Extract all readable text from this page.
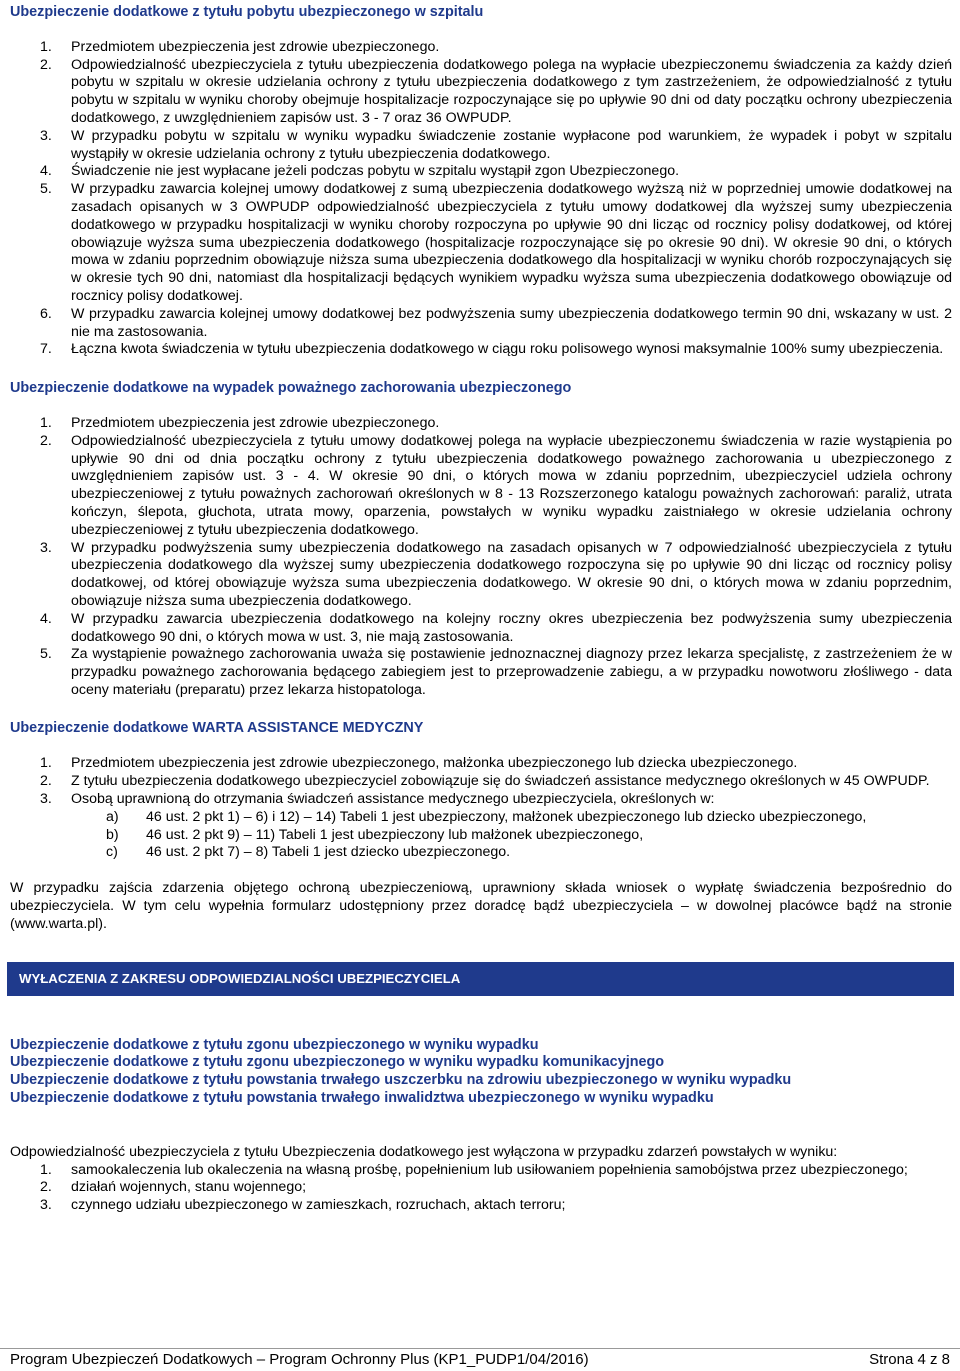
Ubezpieczenie dodatkowe z tytułu pobytu ubezpieczonego w szpitalu
1. Przedmiotem ubezpieczenia jest zdrowie ubezpieczonego.
2. Odpowiedzialność ubezpieczyciela z tytułu ubezpieczenia dodatkowego polega na wypłacie ubezpieczonemu świadczenia za każdy dzień pobytu w szpitalu w okresie udzielania ochrony z tytułu ubezpieczenia dodatkowego z tym zastrzeżeniem, że odpowiedzialność z tytułu pobytu w szpitalu w wyniku choroby obejmuje hospitalizacje rozpoczynające się po upływie 90 dni od daty początku ochrony ubezpieczenia dodatkowego, z uwzględnieniem zapisów ust. 3 - 7 oraz 36 OWPUDP.
3. W przypadku pobytu w szpitalu w wyniku wypadku świadczenie zostanie wypłacone pod warunkiem, że wypadek i pobyt w szpitalu wystąpiły w okresie udzielania ochrony z tytułu ubezpieczenia dodatkowego.
4. Świadczenie nie jest wypłacane jeżeli podczas pobytu w szpitalu wystąpił zgon Ubezpieczonego.
5. W przypadku zawarcia kolejnej umowy dodatkowej z sumą ubezpieczenia dodatkowego wyższą niż w poprzedniej umowie dodatkowej na zasadach opisanych w 3 OWPUDP odpowiedzialność ubezpieczyciela z tytułu umowy dodatkowej dla wyższej sumy ubezpieczenia dodatkowego w przypadku hospitalizacji w wyniku choroby rozpoczyna po upływie 90 dni licząc od rocznicy polisy dodatkowej, od której obowiązuje wyższa suma ubezpieczenia dodatkowego (hospitalizacje rozpoczynające się po okresie 90 dni). W okresie 90 dni, o których mowa w zdaniu poprzednim obowiązuje niższa suma ubezpieczenia dodatkowego dla hospitalizacji w wyniku chorób rozpoczynających się w okresie tych 90 dni, natomiast dla hospitalizacji będących wynikiem wypadku wyższa suma ubezpieczenia dodatkowego obowiązuje od rocznicy polisy dodatkowej.
6. W przypadku zawarcia kolejnej umowy dodatkowej bez podwyższenia sumy ubezpieczenia dodatkowego termin 90 dni, wskazany w ust. 2 nie ma zastosowania.
7. Łączna kwota świadczenia w tytułu ubezpieczenia dodatkowego w ciągu roku polisowego wynosi maksymalnie 100% sumy ubezpieczenia.
Ubezpieczenie dodatkowe na wypadek poważnego zachorowania ubezpieczonego
1. Przedmiotem ubezpieczenia jest zdrowie ubezpieczonego.
2. Odpowiedzialność ubezpieczyciela z tytułu umowy dodatkowej polega na wypłacie ubezpieczonemu świadczenia w razie wystąpienia po upływie 90 dni od dnia początku ochrony z tytułu ubezpieczenia dodatkowego poważnego zachorowania u ubezpieczonego z uwzględnieniem zapisów ust. 3 - 4. W okresie 90 dni, o których mowa w zdaniu poprzednim, ubezpieczyciel udziela ochrony ubezpieczeniowej z tytułu poważnych zachorowań określonych w 8 - 13 Rozszerzonego katalogu poważnych zachorowań: paraliż, utrata kończyn, ślepota, głuchota, utrata mowy, oparzenia, powstałych w wyniku wypadku zaistniałego w okresie udzielania ochrony ubezpieczeniowej z tytułu ubezpieczenia dodatkowego.
3. W przypadku podwyższenia sumy ubezpieczenia dodatkowego na zasadach opisanych w 7 odpowiedzialność ubezpieczyciela z tytułu ubezpieczenia dodatkowego dla wyższej sumy ubezpieczenia dodatkowego rozpoczyna się po upływie 90 dni licząc od rocznicy polisy dodatkowej, od której obowiązuje wyższa suma ubezpieczenia dodatkowego. W okresie 90 dni, o których mowa w zdaniu poprzednim, obowiązuje niższa suma ubezpieczenia dodatkowego.
4. W przypadku zawarcia ubezpieczenia dodatkowego na kolejny roczny okres ubezpieczenia bez podwyższenia sumy ubezpieczenia dodatkowego 90 dni, o których mowa w ust. 3, nie mają zastosowania.
5. Za wystąpienie poważnego zachorowania uważa się postawienie jednoznacznej diagnozy przez lekarza specjalistę, z zastrzeżeniem że w przypadku poważnego zachorowania będącego zabiegiem jest to przeprowadzenie zabiegu, a w przypadku nowotworu złośliwego - data oceny materiału (preparatu) przez lekarza histopatologa.
Ubezpieczenie dodatkowe WARTA ASSISTANCE MEDYCZNY
1. Przedmiotem ubezpieczenia jest zdrowie ubezpieczonego, małżonka ubezpieczonego lub dziecka ubezpieczonego.
2. Z tytułu ubezpieczenia dodatkowego ubezpieczyciel zobowiązuje się do świadczeń assistance medycznego określonych w 45 OWPUDP.
3. Osobą uprawnioną do otrzymania świadczeń assistance medycznego ubezpieczyciela, określonych w:
a) 46 ust. 2 pkt 1) – 6) i 12) – 14) Tabeli 1 jest ubezpieczony, małżonek ubezpieczonego lub dziecko ubezpieczonego,
b) 46 ust. 2 pkt 9) – 11) Tabeli 1 jest ubezpieczony lub małżonek ubezpieczonego,
c) 46 ust. 2 pkt 7) – 8) Tabeli 1 jest dziecko ubezpieczonego.

W przypadku zajścia zdarzenia objętego ochroną ubezpieczeniową, uprawniony składa wniosek o wypłatę świadczenia bezpośrednio do ubezpieczyciela. W tym celu wypełnia formularz udostępniony przez doradcę bądź ubezpieczyciela – w dowolnej placówce bądź na stronie (www.warta.pl).

WYŁACZENIA Z ZAKRESU ODPOWIEDZIALNOŚCI UBEZPIECZYCIELA
Ubezpieczenie dodatkowe z tytułu zgonu ubezpieczonego w wyniku wypadku
Ubezpieczenie dodatkowe z tytułu zgonu ubezpieczonego w wyniku wypadku komunikacyjnego
Ubezpieczenie dodatkowe z tytułu powstania trwałego uszczerbku na zdrowiu ubezpieczonego w wyniku wypadku
Ubezpieczenie dodatkowe z tytułu powstania trwałego inwalidztwa ubezpieczonego w wyniku wypadku

Odpowiedzialność ubezpieczyciela z tytułu Ubezpieczenia dodatkowego jest wyłączona w przypadku zdarzeń powstałych w wyniku:

1. samookaleczenia lub okaleczenia na własną prośbę, popełnienium lub usiłowaniem popełnienia samobójstwa przez ubezpieczonego;
2. działań wojennych, stanu wojennego;
3. czynnego udziału ubezpieczonego w zamieszkach, rozruchach, aktach terroru;
Program Ubezpieczeń Dodatkowych – Program Ochronny Plus (KP1_PUDP1/04/2016)	Strona 4 z 8
